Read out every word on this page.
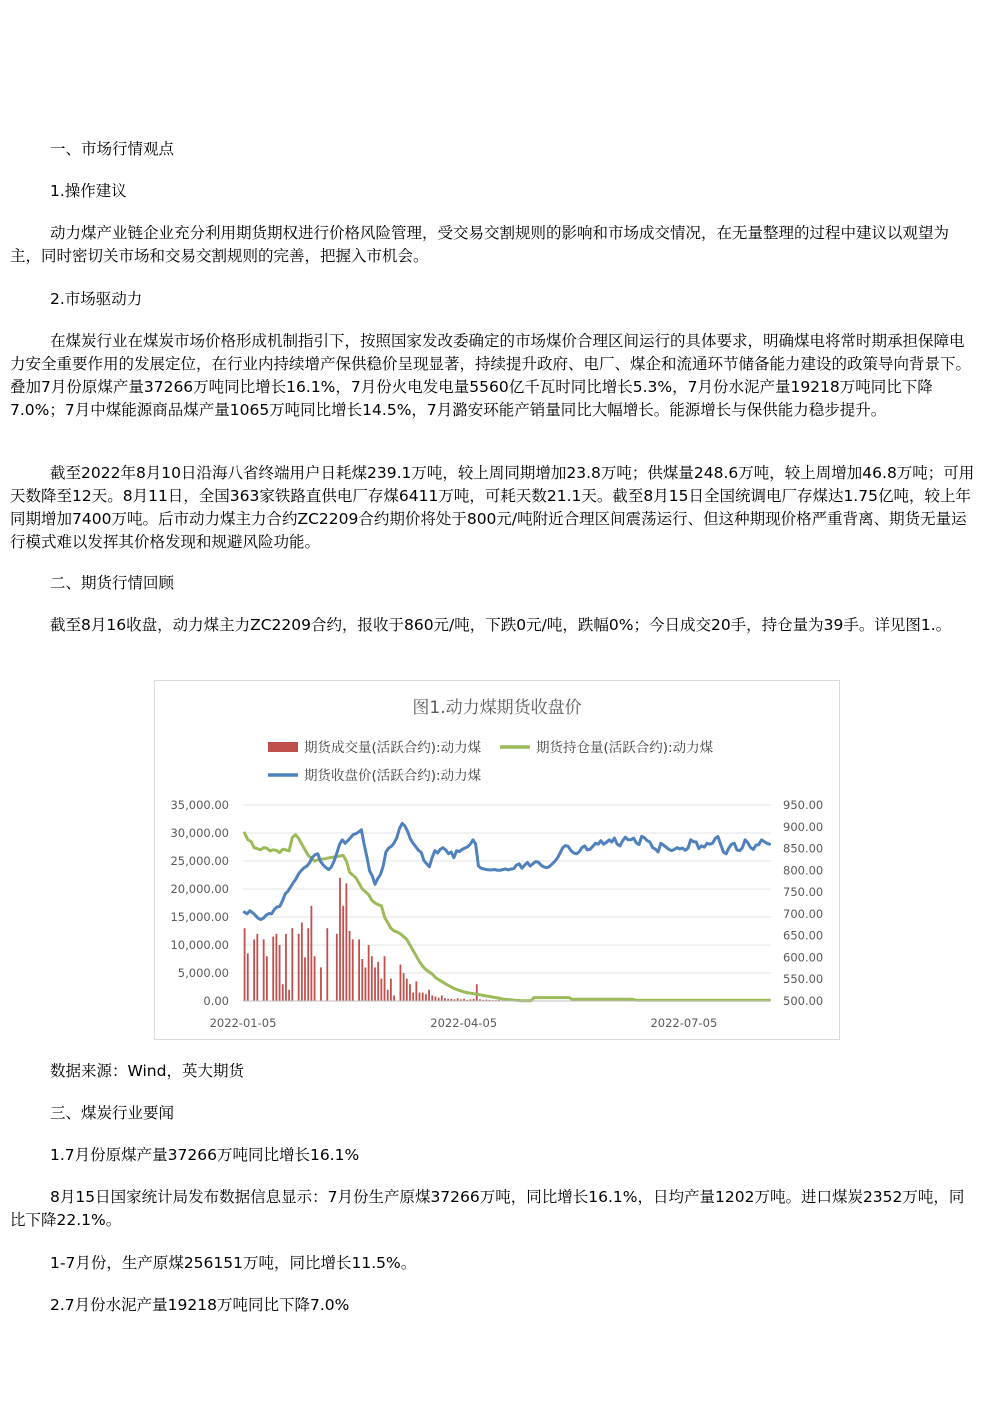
一、市场行情观点

1.操作建议

动力煤产业链企业充分利用期货期权进行价格风险管理，受交易交割规则的影响和市场成交情况，在无量整理的过程中建议以观望为主，同时密切关市场和交易交割规则的完善，把握入市机会。

2.市场驱动力

在煤炭行业在煤炭市场价格形成机制指引下，按照国家发改委确定的市场煤价合理区间运行的具体要求，明确煤电将常时期承担保障电力安全重要作用的发展定位，在行业内持续增产保供稳价呈现显著，持续提升政府、电厂、煤企和流通环节储备能力建设的政策导向背景下。叠加7月份原煤产量37266万吨同比增长16.1%，7月份火电发电量5560亿千瓦时同比增长5.3%，7月份水泥产量19218万吨同比下降7.0%；7月中煤能源商品煤产量1065万吨同比增长14.5%，7月潞安环能产销量同比大幅增长。能源增长与保供能力稳步提升。

截至2022年8月10日沿海八省终端用户日耗煤239.1万吨，较上周同期增加23.8万吨；供煤量248.6万吨，较上周增加46.8万吨；可用天数降至12天。8月11日，全国363家铁路直供电厂存煤6411万吨，可耗天数21.1天。截至8月15日全国统调电厂存煤达1.75亿吨，较上年同期增加7400万吨。后市动力煤主力合约ZC2209合约期价将处于800元/吨附近合理区间震荡运行、但这种期现价格严重背离、期货无量运行模式难以发挥其价格发现和规避风险功能。

二、期货行情回顾

截至8月16收盘，动力煤主力ZC2209合约，报收于860元/吨，下跌0元/吨，跌幅0%；今日成交20手，持仓量为39手。详见图1.。

图1.动力煤期货收盘价
期货成交量(活跃合约):动力煤	期货持仓量(活跃合约):动力煤
期货收盘价(活跃合约):动力煤
35,000.00
30,000.00
25,000.00
20,000.00
15,000.00
10,000.00
5,000.00
0.00
950.00
900.00
850.00
800.00
750.00
700.00
650.00
600.00
550.00
500.00
2022-01-05	2022-04-05	2022-07-05

数据来源：Wind，英大期货

三、煤炭行业要闻

1.7月份原煤产量37266万吨同比增长16.1%

8月15日国家统计局发布数据信息显示：7月份生产原煤37266万吨，同比增长16.1%，日均产量1202万吨。进口煤炭2352万吨，同比下降22.1%。

1-7月份，生产原煤256151万吨，同比增长11.5%。

2.7月份水泥产量19218万吨同比下降7.0%
